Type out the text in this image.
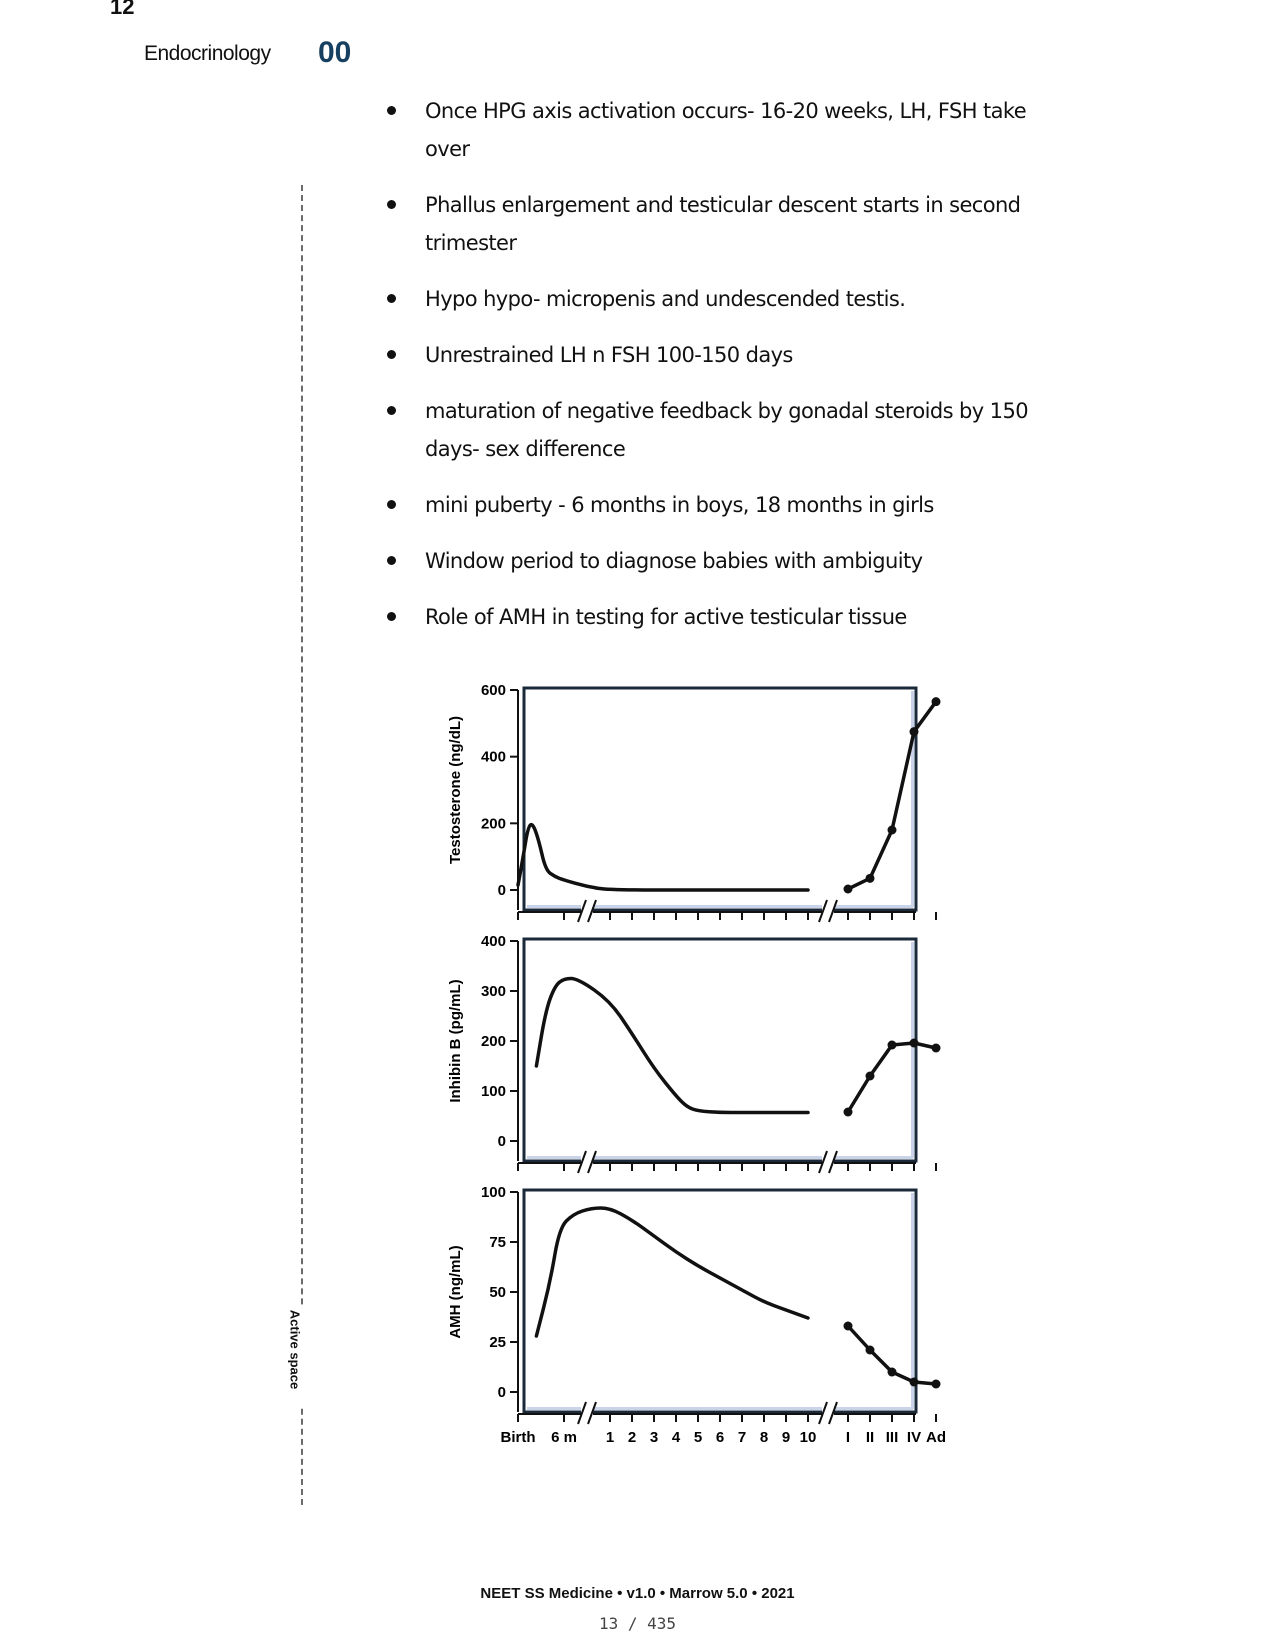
12
Endocrinology 00
Active space
Once HPG axis activation occurs- 16-20 weeks, LH, FSH take over
Phallus enlargement and testicular descent starts in second trimester
Hypo hypo- micropenis and undescended testis.
Unrestrained LH n FSH 100-150 days
maturation of negative feedback by gonadal steroids by 150 days- sex difference
mini puberty - 6 months in boys, 18 months in girls
Window period to diagnose babies with ambiguity
Role of AMH in testing for active testicular tissue
0
200
400
600
Testosterone (ng/dL)
0
100
200
300
400
Inhibin B (pg/mL)
0
25
50
75
100
AMH (ng/mL)
Birth 6 m 1 2 3 4 5 6 7 8 9 10 I II III IV Ad
NEET SS Medicine • v1.0 • Marrow 5.0 • 2021
13 / 435
